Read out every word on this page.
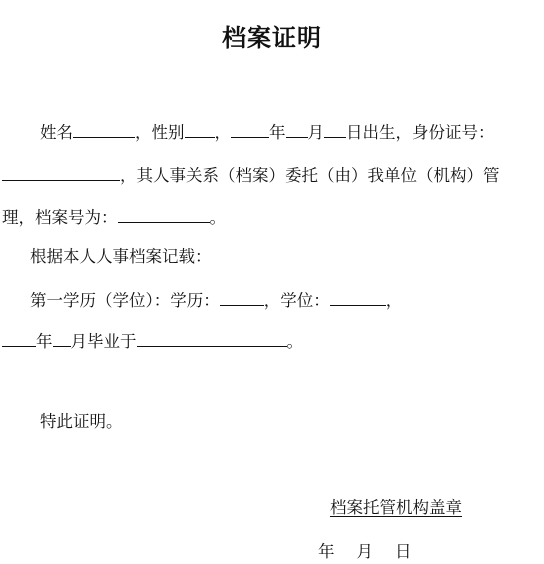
档案证明
姓名	，性别 ， 年 月 日出生，身份证号：
，其人事关系（档案）委托（由）我单位（机构）管
理，档案号为：	。
根据本人人事档案记载：
第一学历（学位）：学历：	，学位：	，
年 月毕业于	。
特此证明。
档案托管机构盖章
年 月 日
